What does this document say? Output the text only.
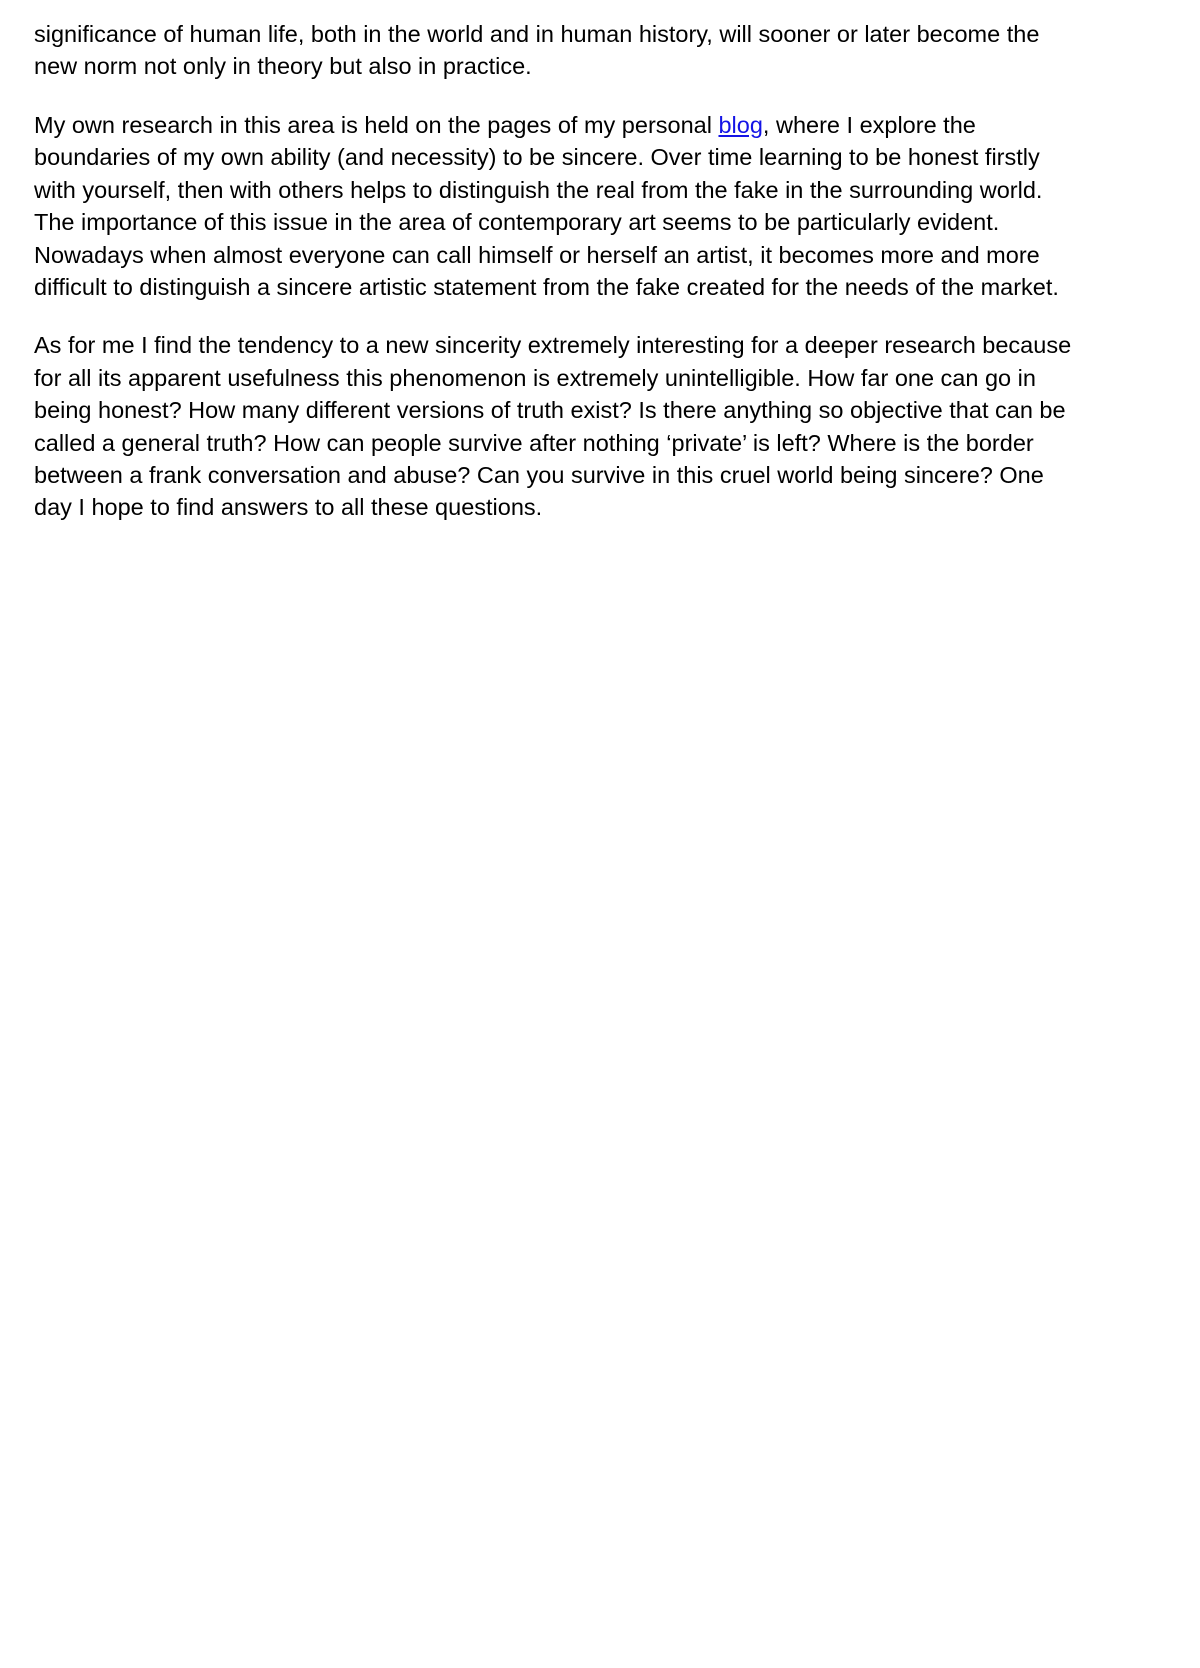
significance of human life, both in the world and in human history, will sooner or later become the new norm not only in theory but also in practice.

My own research in this area is held on the pages of my personal blog, where I explore the boundaries of my own ability (and necessity) to be sincere. Over time learning to be honest firstly with yourself, then with others helps to distinguish the real from the fake in the surrounding world. The importance of this issue in the area of contemporary art seems to be particularly evident. Nowadays when almost everyone can call himself or herself an artist, it becomes more and more difficult to distinguish a sincere artistic statement from the fake created for the needs of the market.

As for me I find the tendency to a new sincerity extremely interesting for a deeper research because for all its apparent usefulness this phenomenon is extremely unintelligible. How far one can go in being honest? How many different versions of truth exist? Is there anything so objective that can be called a general truth? How can people survive after nothing ‘private’ is left? Where is the border between a frank conversation and abuse? Can you survive in this cruel world being sincere? One day I hope to find answers to all these questions.
